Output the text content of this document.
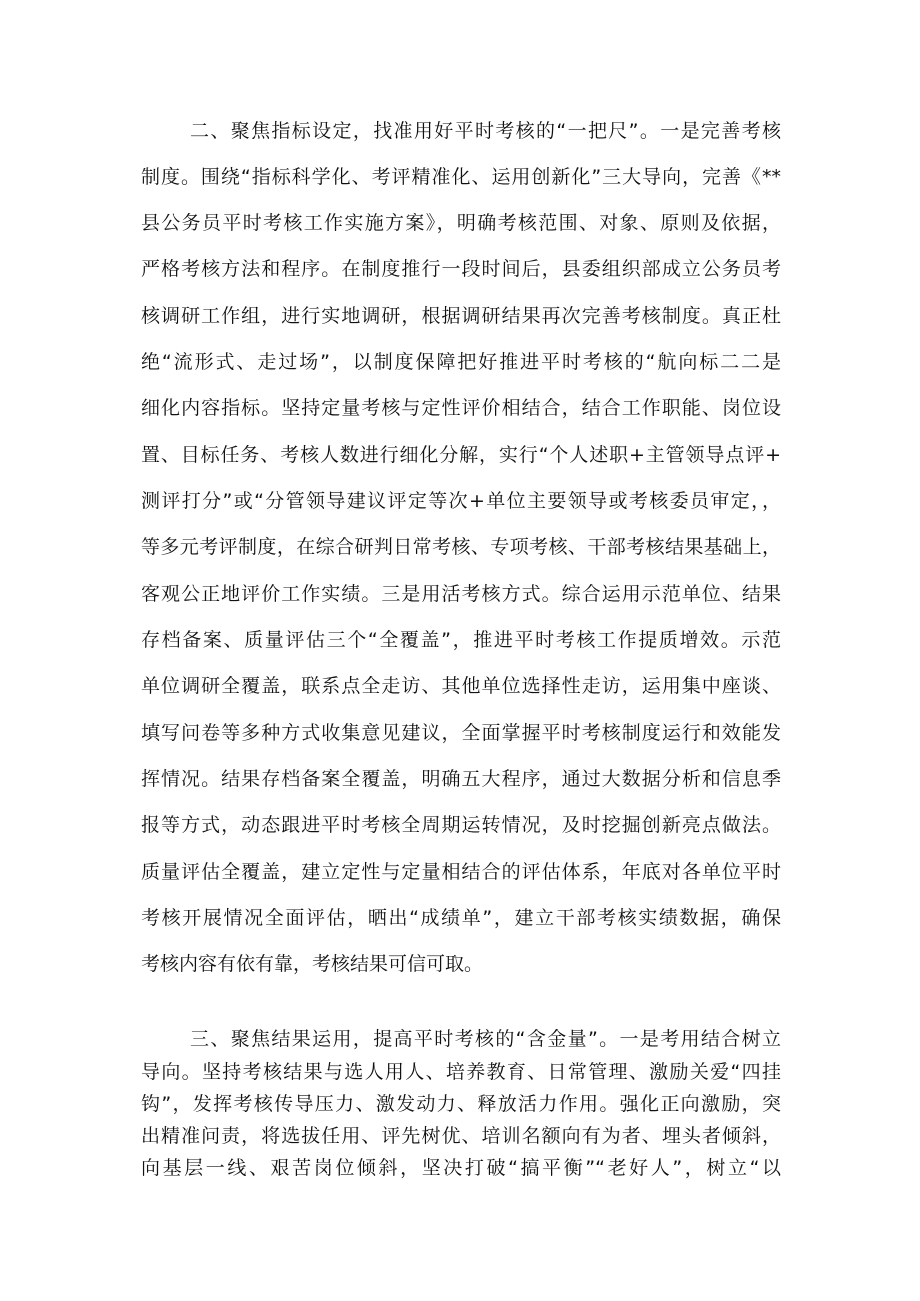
二、聚焦指标设定，找准用好平时考核的“一把尺”。一是完善考核
制度。围绕“指标科学化、考评精准化、运用创新化”三大导向，完善《**
县公务员平时考核工作实施方案》，明确考核范围、对象、原则及依据，
严格考核方法和程序。在制度推行一段时间后，县委组织部成立公务员考
核调研工作组，进行实地调研，根据调研结果再次完善考核制度。真正杜
绝“流形式、走过场”，以制度保障把好推进平时考核的“航向标二二是
细化内容指标。坚持定量考核与定性评价相结合，结合工作职能、岗位设
置、目标任务、考核人数进行细化分解，实行“个人述职+主管领导点评+
测评打分”或“分管领导建议评定等次+单位主要领导或考核委员审定，，
等多元考评制度，在综合研判日常考核、专项考核、干部考核结果基础上，
客观公正地评价工作实绩。三是用活考核方式。综合运用示范单位、结果
存档备案、质量评估三个“全覆盖”，推进平时考核工作提质增效。示范
单位调研全覆盖，联系点全走访、其他单位选择性走访，运用集中座谈、
填写问卷等多种方式收集意见建议，全面掌握平时考核制度运行和效能发
挥情况。结果存档备案全覆盖，明确五大程序，通过大数据分析和信息季
报等方式，动态跟进平时考核全周期运转情况，及时挖掘创新亮点做法。
质量评估全覆盖，建立定性与定量相结合的评估体系，年底对各单位平时
考核开展情况全面评估，晒出“成绩单”，建立干部考核实绩数据，确保
考核内容有依有靠，考核结果可信可取。
三、聚焦结果运用，提高平时考核的“含金量”。一是考用结合树立
导向。坚持考核结果与选人用人、培养教育、日常管理、激励关爱“四挂
钩”，发挥考核传导压力、激发动力、释放活力作用。强化正向激励，突
出精准问责，将选拔任用、评先树优、培训名额向有为者、埋头者倾斜，
向基层一线、艰苦岗位倾斜，坚决打破“搞平衡”“老好人”，树立“以
